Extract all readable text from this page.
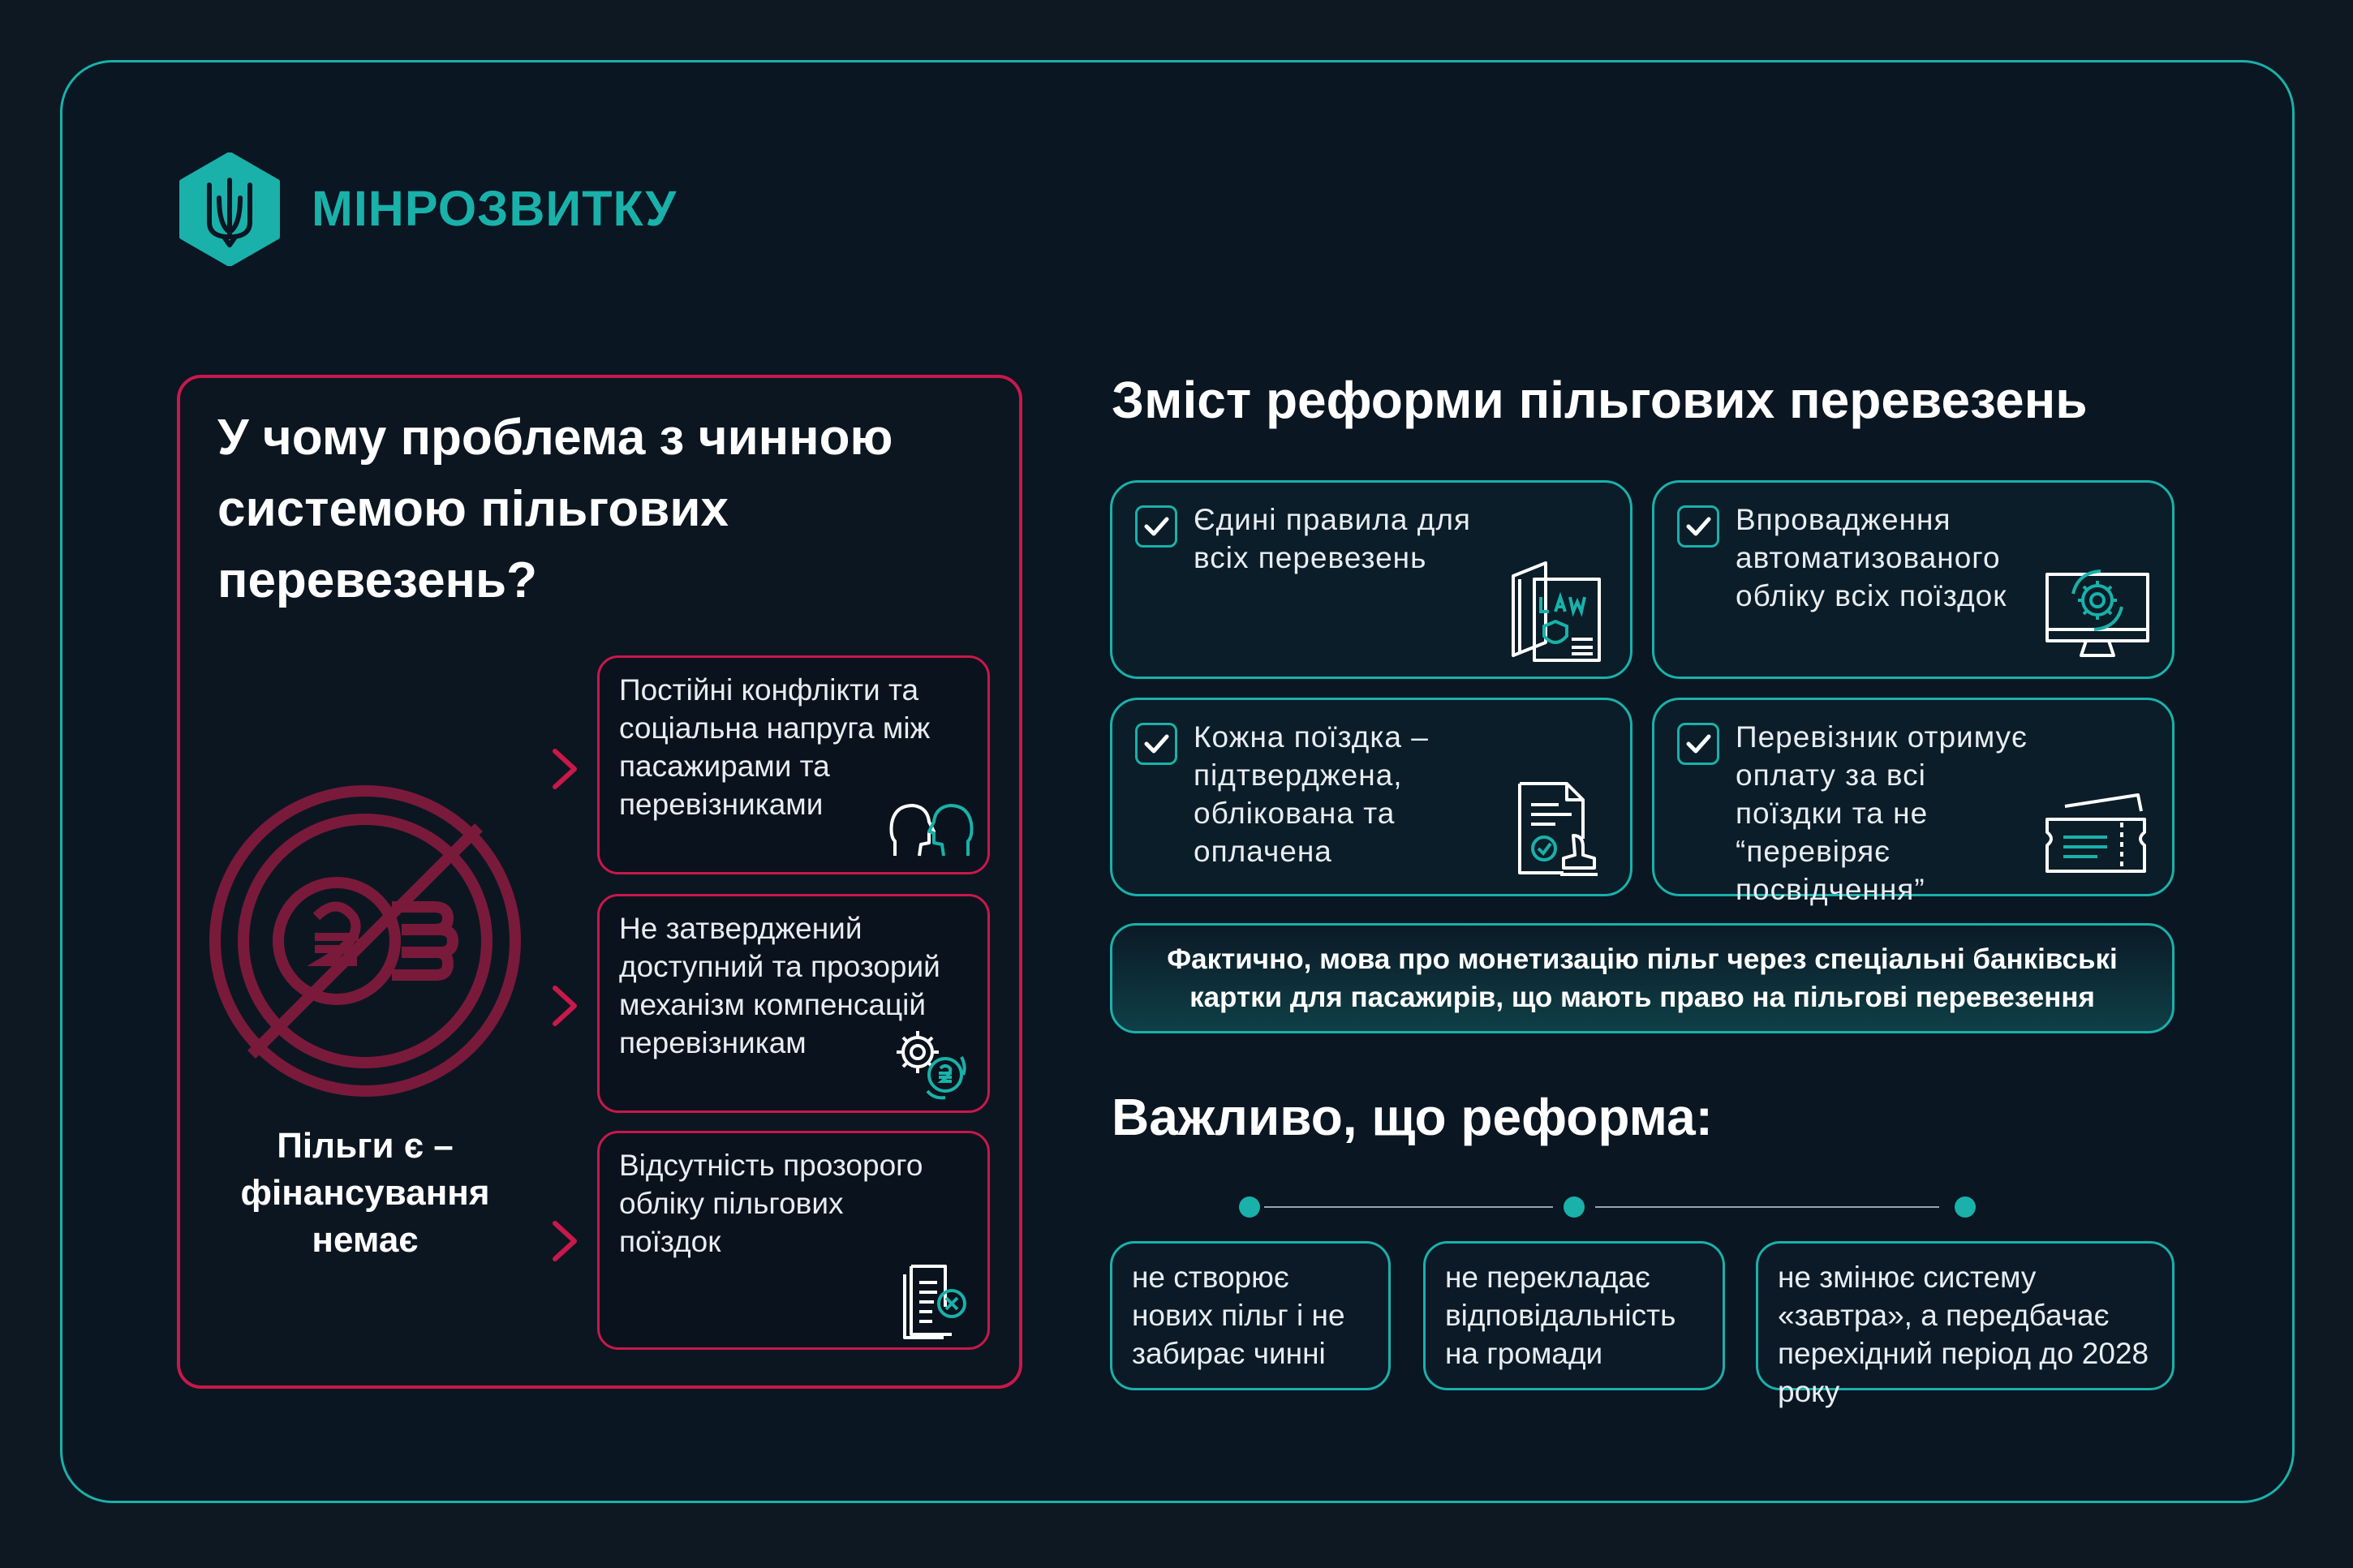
МІНРОЗВИТКУ
У чому проблема з чинною системою пільгових перевезень?
Пільги є – фінансування немає
Постійні конфлікти та соціальна напруга між пасажирами та перевізниками
Не затверджений доступний та прозорий механізм компенсацій перевізникам
Відсутність прозорого обліку пільгових поїздок
Зміст реформи пільгових перевезень
Єдині правила для всіх перевезень
Впровадження автоматизованого обліку всіх поїздок
Кожна поїздка – підтверджена, облікована та оплачена
Перевізник отримує оплату за всі поїздки та не “перевіряє посвідчення”
Фактично, мова про монетизацію пільг через спеціальні банківські картки для пасажирів, що мають право на пільгові перевезення
Важливо, що реформа:
не створює нових пільг і не забирає чинні
не перекладає відповідальність на громади
не змінює систему «завтра», а передбачає перехідний період до 2028 року
